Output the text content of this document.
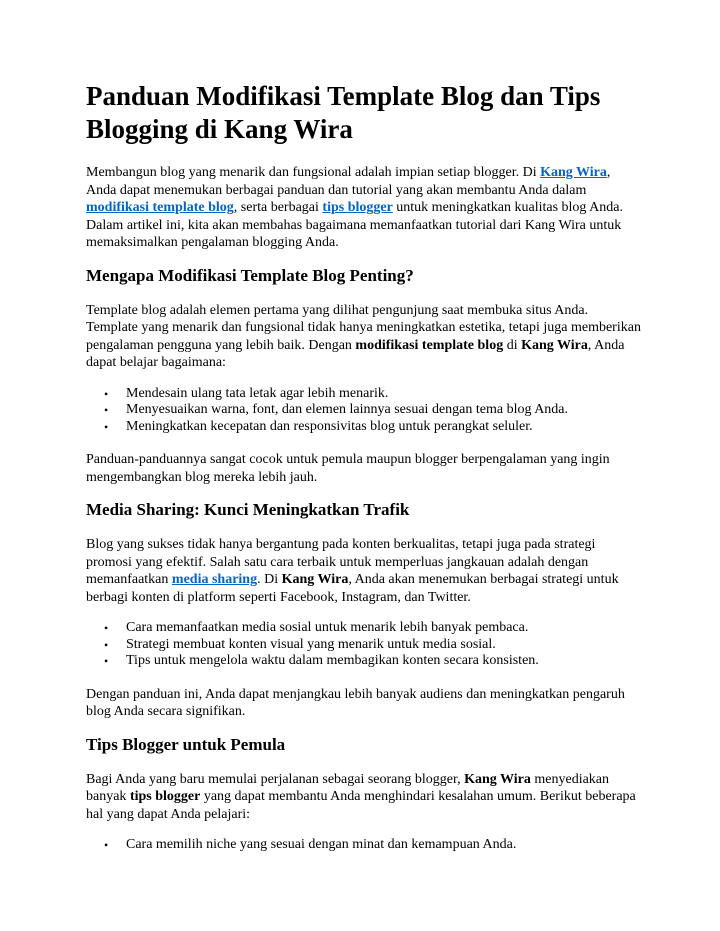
Panduan Modifikasi Template Blog dan Tips Blogging di Kang Wira

Membangun blog yang menarik dan fungsional adalah impian setiap blogger. Di Kang Wira, Anda dapat menemukan berbagai panduan dan tutorial yang akan membantu Anda dalam modifikasi template blog, serta berbagai tips blogger untuk meningkatkan kualitas blog Anda. Dalam artikel ini, kita akan membahas bagaimana memanfaatkan tutorial dari Kang Wira untuk memaksimalkan pengalaman blogging Anda.

Mengapa Modifikasi Template Blog Penting?

Template blog adalah elemen pertama yang dilihat pengunjung saat membuka situs Anda. Template yang menarik dan fungsional tidak hanya meningkatkan estetika, tetapi juga memberikan pengalaman pengguna yang lebih baik. Dengan modifikasi template blog di Kang Wira, Anda dapat belajar bagaimana:

• Mendesain ulang tata letak agar lebih menarik.
• Menyesuaikan warna, font, dan elemen lainnya sesuai dengan tema blog Anda.
• Meningkatkan kecepatan dan responsivitas blog untuk perangkat seluler.

Panduan-panduannya sangat cocok untuk pemula maupun blogger berpengalaman yang ingin mengembangkan blog mereka lebih jauh.

Media Sharing: Kunci Meningkatkan Trafik

Blog yang sukses tidak hanya bergantung pada konten berkualitas, tetapi juga pada strategi promosi yang efektif. Salah satu cara terbaik untuk memperluas jangkauan adalah dengan memanfaatkan media sharing. Di Kang Wira, Anda akan menemukan berbagai strategi untuk berbagi konten di platform seperti Facebook, Instagram, dan Twitter.

• Cara memanfaatkan media sosial untuk menarik lebih banyak pembaca.
• Strategi membuat konten visual yang menarik untuk media sosial.
• Tips untuk mengelola waktu dalam membagikan konten secara konsisten.

Dengan panduan ini, Anda dapat menjangkau lebih banyak audiens dan meningkatkan pengaruh blog Anda secara signifikan.

Tips Blogger untuk Pemula

Bagi Anda yang baru memulai perjalanan sebagai seorang blogger, Kang Wira menyediakan banyak tips blogger yang dapat membantu Anda menghindari kesalahan umum. Berikut beberapa hal yang dapat Anda pelajari:

• Cara memilih niche yang sesuai dengan minat dan kemampuan Anda.
